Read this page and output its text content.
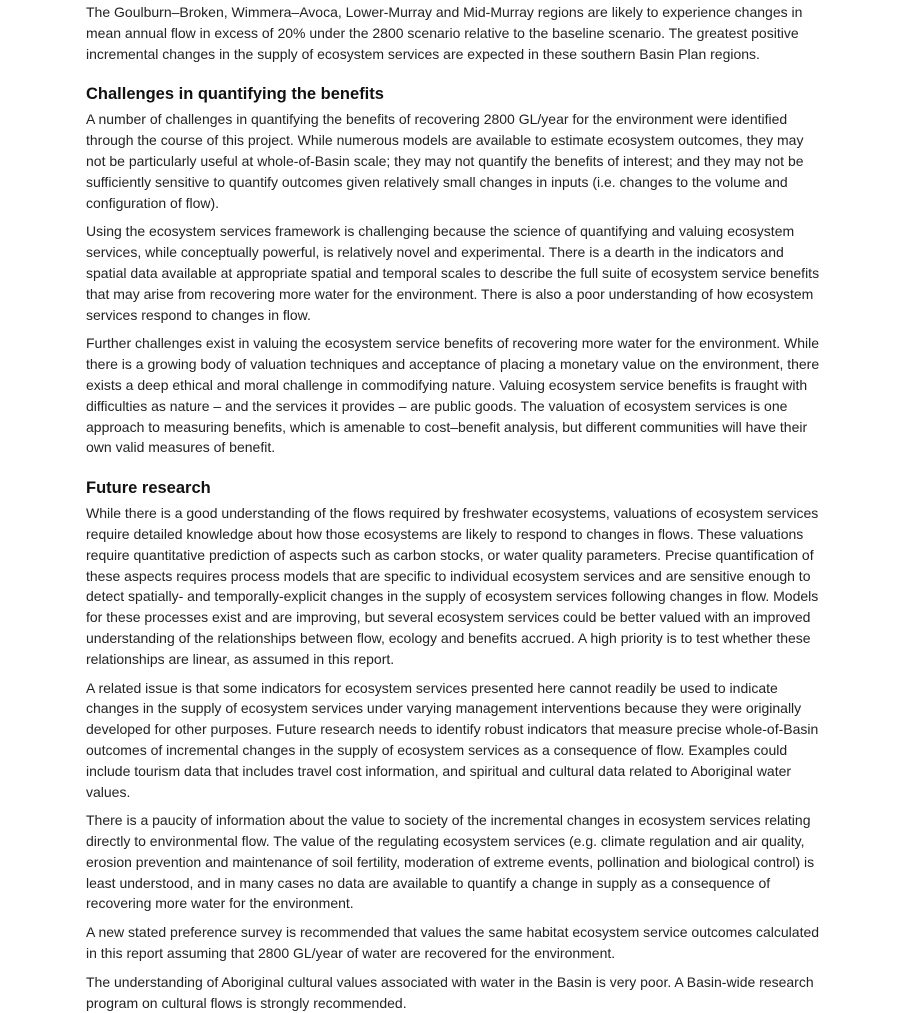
The Goulburn–Broken, Wimmera–Avoca, Lower-Murray and Mid-Murray regions are likely to experience changes in mean annual flow in excess of 20% under the 2800 scenario relative to the baseline scenario. The greatest positive incremental changes in the supply of ecosystem services are expected in these southern Basin Plan regions.

Challenges in quantifying the benefits

A number of challenges in quantifying the benefits of recovering 2800 GL/year for the environment were identified through the course of this project. While numerous models are available to estimate ecosystem outcomes, they may not be particularly useful at whole-of-Basin scale; they may not quantify the benefits of interest; and they may not be sufficiently sensitive to quantify outcomes given relatively small changes in inputs (i.e. changes to the volume and configuration of flow).

Using the ecosystem services framework is challenging because the science of quantifying and valuing ecosystem services, while conceptually powerful, is relatively novel and experimental. There is a dearth in the indicators and spatial data available at appropriate spatial and temporal scales to describe the full suite of ecosystem service benefits that may arise from recovering more water for the environment. There is also a poor understanding of how ecosystem services respond to changes in flow.

Further challenges exist in valuing the ecosystem service benefits of recovering more water for the environment. While there is a growing body of valuation techniques and acceptance of placing a monetary value on the environment, there exists a deep ethical and moral challenge in commodifying nature. Valuing ecosystem service benefits is fraught with difficulties as nature – and the services it provides – are public goods. The valuation of ecosystem services is one approach to measuring benefits, which is amenable to cost–benefit analysis, but different communities will have their own valid measures of benefit.

Future research

While there is a good understanding of the flows required by freshwater ecosystems, valuations of ecosystem services require detailed knowledge about how those ecosystems are likely to respond to changes in flows. These valuations require quantitative prediction of aspects such as carbon stocks, or water quality parameters. Precise quantification of these aspects requires process models that are specific to individual ecosystem services and are sensitive enough to detect spatially- and temporally-explicit changes in the supply of ecosystem services following changes in flow. Models for these processes exist and are improving, but several ecosystem services could be better valued with an improved understanding of the relationships between flow, ecology and benefits accrued. A high priority is to test whether these relationships are linear, as assumed in this report.

A related issue is that some indicators for ecosystem services presented here cannot readily be used to indicate changes in the supply of ecosystem services under varying management interventions because they were originally developed for other purposes. Future research needs to identify robust indicators that measure precise whole-of-Basin outcomes of incremental changes in the supply of ecosystem services as a consequence of flow. Examples could include tourism data that includes travel cost information, and spiritual and cultural data related to Aboriginal water values.

There is a paucity of information about the value to society of the incremental changes in ecosystem services relating directly to environmental flow. The value of the regulating ecosystem services (e.g. climate regulation and air quality, erosion prevention and maintenance of soil fertility, moderation of extreme events, pollination and biological control) is least understood, and in many cases no data are available to quantify a change in supply as a consequence of recovering more water for the environment.

A new stated preference survey is recommended that values the same habitat ecosystem service outcomes calculated in this report assuming that 2800 GL/year of water are recovered for the environment.

The understanding of Aboriginal cultural values associated with water in the Basin is very poor. A Basin-wide research program on cultural flows is strongly recommended.
